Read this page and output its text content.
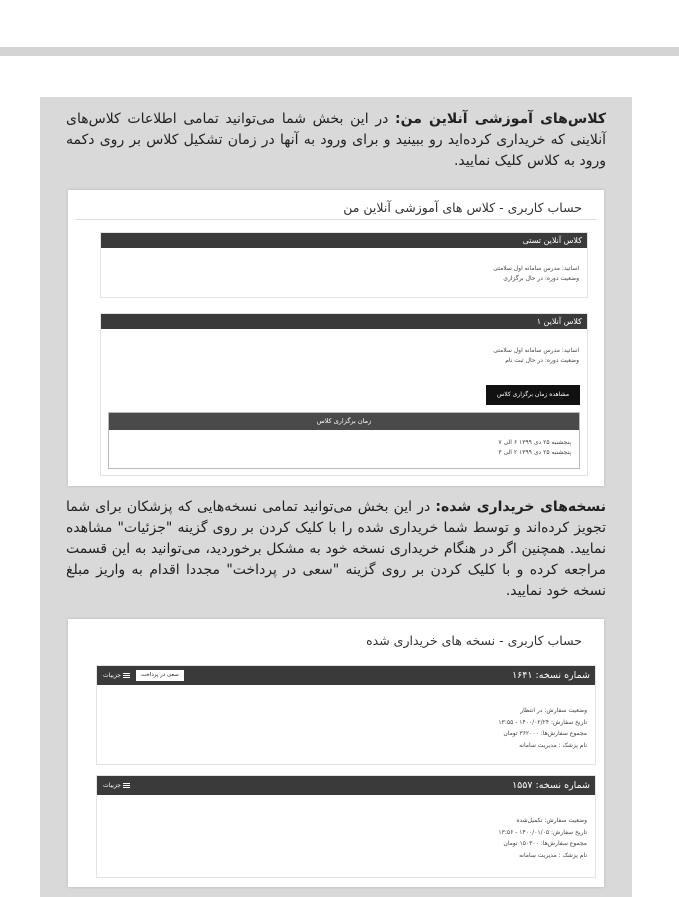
کلاس‌های آموزشی آنلاین من: در این بخش شما می‌توانید تمامی اطلاعات کلاس‌های آنلاینی که خریداری کرده‌اید رو ببینید و برای ورود به آنها در زمان تشکیل کلاس بر روی دکمه ورود به کلاس کلیک نمایید.

حساب کاربری - کلاس های آموزشی آنلاین من
کلاس آنلاین تستی
اساتید: مدرس سامانه اول سلامتی
وضعیت دوره: در حال برگزاری
کلاس آنلاین ۱
اساتید: مدرس سامانه اول سلامتی
وضعیت دوره: در حال ثبت نام
مشاهده زمان برگزاری کلاس
زمان برگزاری کلاس
پنجشنبه ۲۵ دی ۱۳۹۹ ۶ الی ۷
پنجشنبه ۲۵ دی ۱۳۹۹ ۲ الی ۳

نسخه‌های خریداری شده: در این بخش می‌توانید تمامی نسخه‌هایی که پزشکان برای شما تجویز کرده‌اند و توسط شما خریداری شده را با کلیک کردن بر روی گزینه "جزئیات" مشاهده نمایید. همچنین اگر در هنگام خریداری نسخه خود به مشکل برخوردید، می‌توانید به این قسمت مراجعه کرده و با کلیک کردن بر روی گزینه "سعی در پرداخت" مجددا اقدام به واریز مبلغ نسخه خود نمایید.

حساب کاربری - نسخه های خریداری شده
شماره نسخه: ۱۶۴۱
جزییات	سعی در پرداخت
وضعیت سفارش: در انتظار
تاریخ سفارش: ۱۴۰۰/۰۲/۲۴ - ۱۳:۵۵
مجموع سفارش‌ها: ۳۶۲۰۰۰ تومان
نام پزشک : مدیریت سامانه
شماره نسخه: ۱۵۵۷
جزییات
وضعیت سفارش: تکمیل‌شده
تاریخ سفارش: ۱۴۰۰/۰۱/۰۵ - ۱۳:۵۶
مجموع سفارش‌ها: ۱۵۰۳۰۰ تومان
نام پزشک : مدیریت سامانه
